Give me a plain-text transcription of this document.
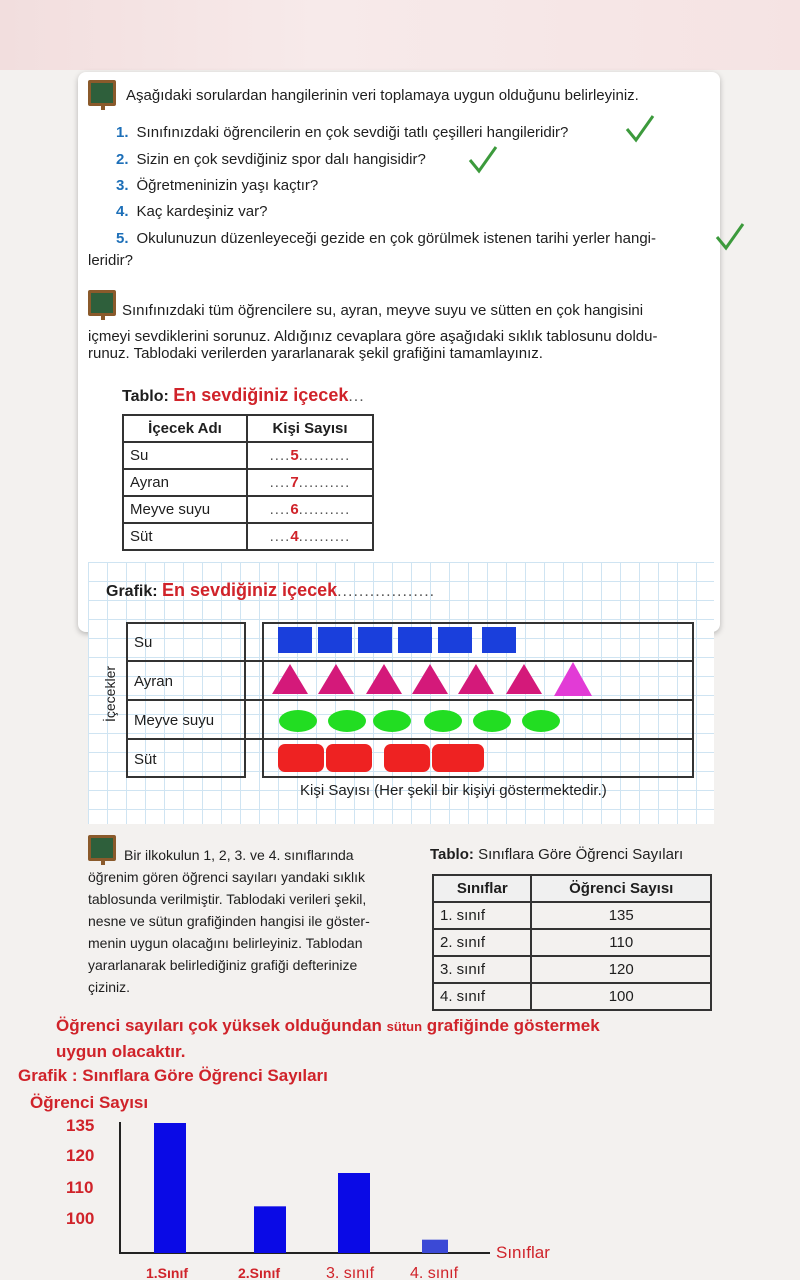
Aşağıdaki sorulardan hangilerinin veri toplamaya uygun olduğunu belirleyiniz.
1. Sınıfınızdaki öğrencilerin en çok sevdiği tatlı çeşilleri hangileridir?
2. Sizin en çok sevdiğiniz spor dalı hangisidir?
3. Öğretmeninizin yaşı kaçtır?
4. Kaç kardeşiniz var?
5. Okulunuzun düzenleyeceği gezide en çok görülmek istenen tarihi yerler hangi-
leridir?
Sınıfınızdaki tüm öğrencilere su, ayran, meyve suyu ve sütten en çok hangisini
içmeyi sevdiklerini sorunuz. Aldığınız cevaplara göre aşağıdaki sıklık tablosunu doldu-
runuz. Tablodaki verilerden yararlanarak şekil grafiğini tamamlayınız.
Tablo: En sevdiğiniz içecek...
İçecek Adı	Kişi Sayısı
Su	....5..........
Ayran	....7..........
Meyve suyu	....6..........
Süt	....4..........
Grafik: En sevdiğiniz içecek..................
İçecekler
Su
Ayran
Meyve suyu
Süt
Kişi Sayısı (Her şekil bir kişiyi göstermektedir.)
Bir ilkokulun 1, 2, 3. ve 4. sınıflarında
öğrenim gören öğrenci sayıları yandaki sıklık
tablosunda verilmiştir. Tablodaki verileri şekil,
nesne ve sütun grafiğinden hangisi ile göster-
menin uygun olacağını belirleyiniz. Tablodan
yararlanarak belirlediğiniz grafiği defterinize
çiziniz.
Tablo: Sınıflara Göre Öğrenci Sayıları
Sınıflar	Öğrenci Sayısı
1. sınıf	135
2. sınıf	110
3. sınıf	120
4. sınıf	100
Öğrenci sayıları çok yüksek olduğundan sütun grafiğinde göstermek
uygun olacaktır.
Grafik : Sınıflara Göre Öğrenci Sayıları
Öğrenci Sayısı
1.Sınıf	2.Sınıf	3. sınıf 4. sınıf
135
120
110
100
Sınıflar
